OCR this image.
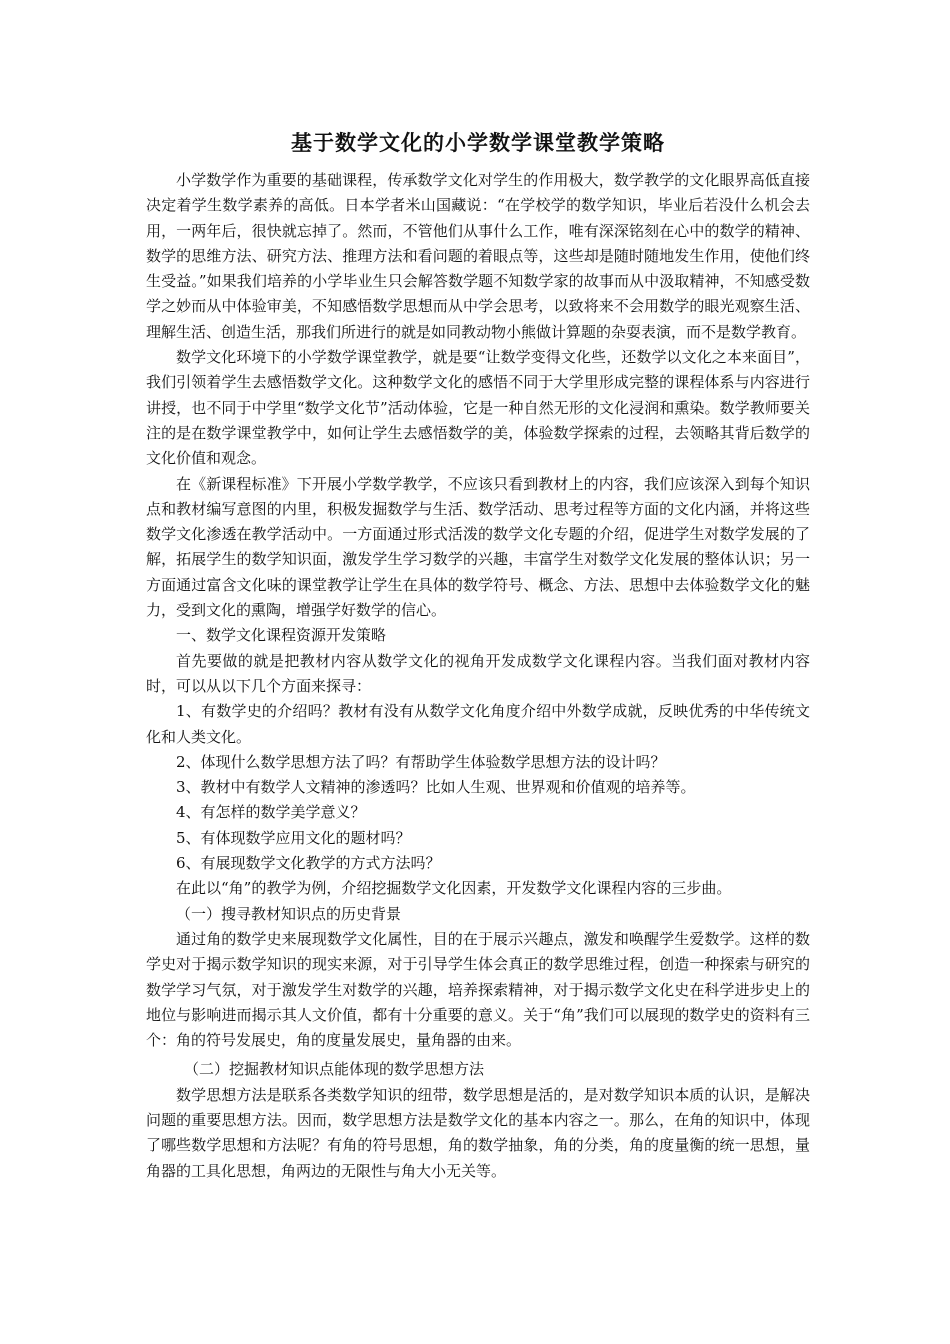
基于数学文化的小学数学课堂教学策略

小学数学作为重要的基础课程，传承数学文化对学生的作用极大，数学教学的文化眼界高低直接决定着学生数学素养的高低。日本学者米山国藏说：“在学校学的数学知识，毕业后若没什么机会去用，一两年后，很快就忘掉了。然而，不管他们从事什么工作，唯有深深铭刻在心中的数学的精神、数学的思维方法、研究方法、推理方法和看问题的着眼点等，这些却是随时随地发生作用，使他们终生受益。”如果我们培养的小学毕业生只会解答数学题不知数学家的故事而从中汲取精神，不知感受数学之妙而从中体验审美，不知感悟数学思想而从中学会思考，以致将来不会用数学的眼光观察生活、理解生活、创造生活，那我们所进行的就是如同教动物小熊做计算题的杂耍表演，而不是数学教育。

数学文化环境下的小学数学课堂教学，就是要“让数学变得文化些，还数学以文化之本来面目”，我们引领着学生去感悟数学文化。这种数学文化的感悟不同于大学里形成完整的课程体系与内容进行讲授，也不同于中学里“数学文化节”活动体验，它是一种自然无形的文化浸润和熏染。数学教师要关注的是在数学课堂教学中，如何让学生去感悟数学的美，体验数学探索的过程，去领略其背后数学的文化价值和观念。

在《新课程标准》下开展小学数学教学，不应该只看到教材上的内容，我们应该深入到每个知识点和教材编写意图的内里，积极发掘数学与生活、数学活动、思考过程等方面的文化内涵，并将这些数学文化渗透在教学活动中。一方面通过形式活泼的数学文化专题的介绍，促进学生对数学发展的了解，拓展学生的数学知识面，激发学生学习数学的兴趣，丰富学生对数学文化发展的整体认识；另一方面通过富含文化味的课堂教学让学生在具体的数学符号、概念、方法、思想中去体验数学文化的魅力，受到文化的熏陶，增强学好数学的信心。

一、数学文化课程资源开发策略

首先要做的就是把教材内容从数学文化的视角开发成数学文化课程内容。当我们面对教材内容时，可以从以下几个方面来探寻：

1、有数学史的介绍吗？教材有没有从数学文化角度介绍中外数学成就，反映优秀的中华传统文化和人类文化。

2、体现什么数学思想方法了吗？有帮助学生体验数学思想方法的设计吗？

3、教材中有数学人文精神的渗透吗？比如人生观、世界观和价值观的培养等。

4、有怎样的数学美学意义？

5、有体现数学应用文化的题材吗？

6、有展现数学文化教学的方式方法吗？

在此以“角”的教学为例，介绍挖掘数学文化因素，开发数学文化课程内容的三步曲。

（一）搜寻教材知识点的历史背景

通过角的数学史来展现数学文化属性，目的在于展示兴趣点，激发和唤醒学生爱数学。这样的数学史对于揭示数学知识的现实来源，对于引导学生体会真正的数学思维过程，创造一种探索与研究的数学学习气氛，对于激发学生对数学的兴趣，培养探索精神，对于揭示数学文化史在科学进步史上的地位与影响进而揭示其人文价值，都有十分重要的意义。关于“角”我们可以展现的数学史的资料有三个：角的符号发展史，角的度量发展史，量角器的由来。

（二）挖掘教材知识点能体现的数学思想方法

数学思想方法是联系各类数学知识的纽带，数学思想是活的，是对数学知识本质的认识，是解决问题的重要思想方法。因而，数学思想方法是数学文化的基本内容之一。那么，在角的知识中，体现了哪些数学思想和方法呢？有角的符号思想，角的数学抽象，角的分类，角的度量衡的统一思想，量角器的工具化思想，角两边的无限性与角大小无关等。
